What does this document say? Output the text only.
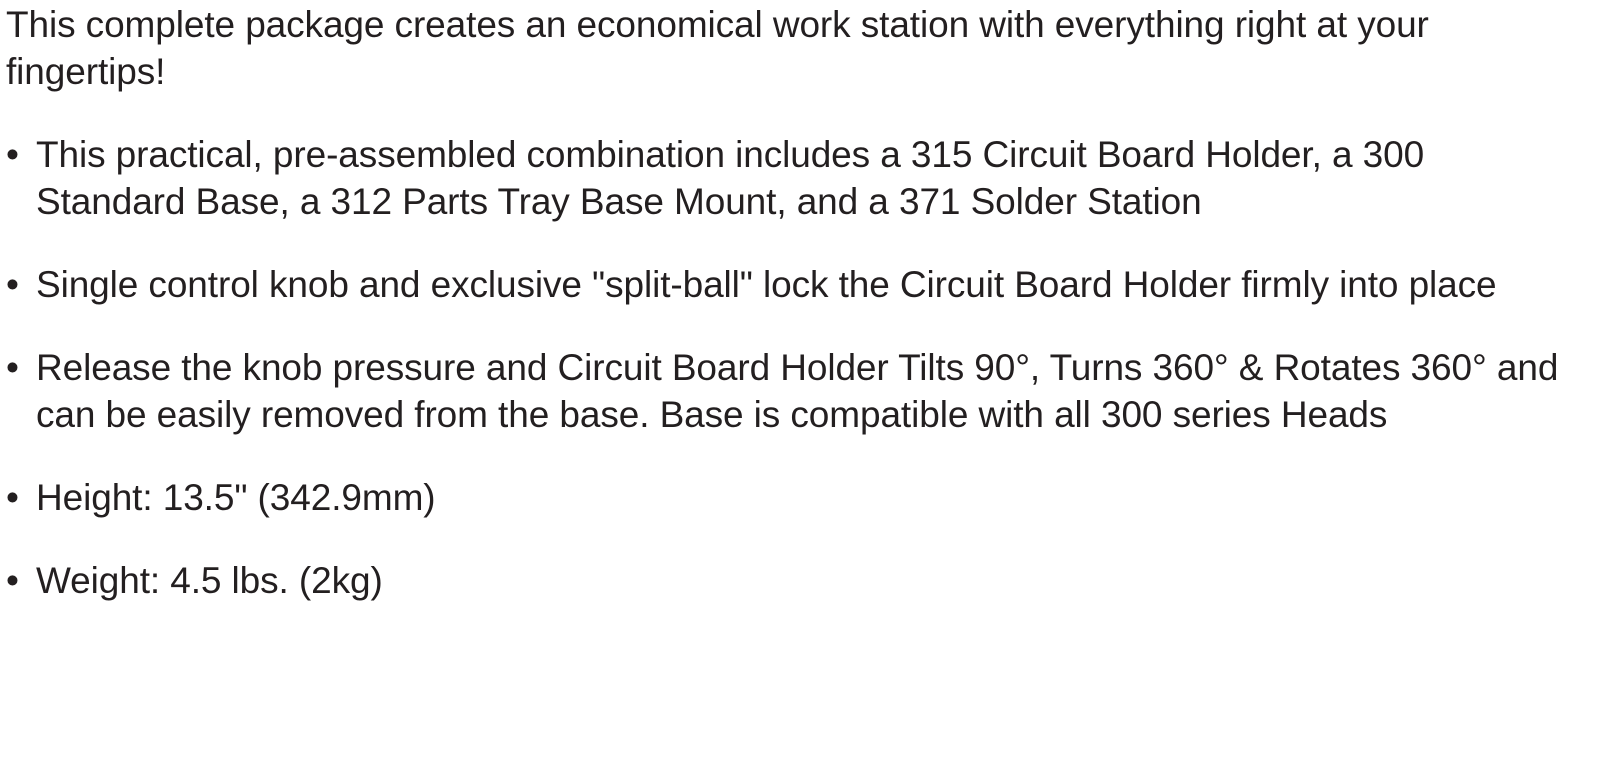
This complete package creates an economical work station with everything right at your fingertips!

• This practical, pre-assembled combination includes a 315 Circuit Board Holder, a 300 Standard Base, a 312 Parts Tray Base Mount, and a 371 Solder Station
• Single control knob and exclusive "split-ball" lock the Circuit Board Holder firmly into place
• Release the knob pressure and Circuit Board Holder Tilts 90°, Turns 360° & Rotates 360° and can be easily removed from the base. Base is compatible with all 300 series Heads
• Height: 13.5" (342.9mm)
• Weight: 4.5 lbs. (2kg)
